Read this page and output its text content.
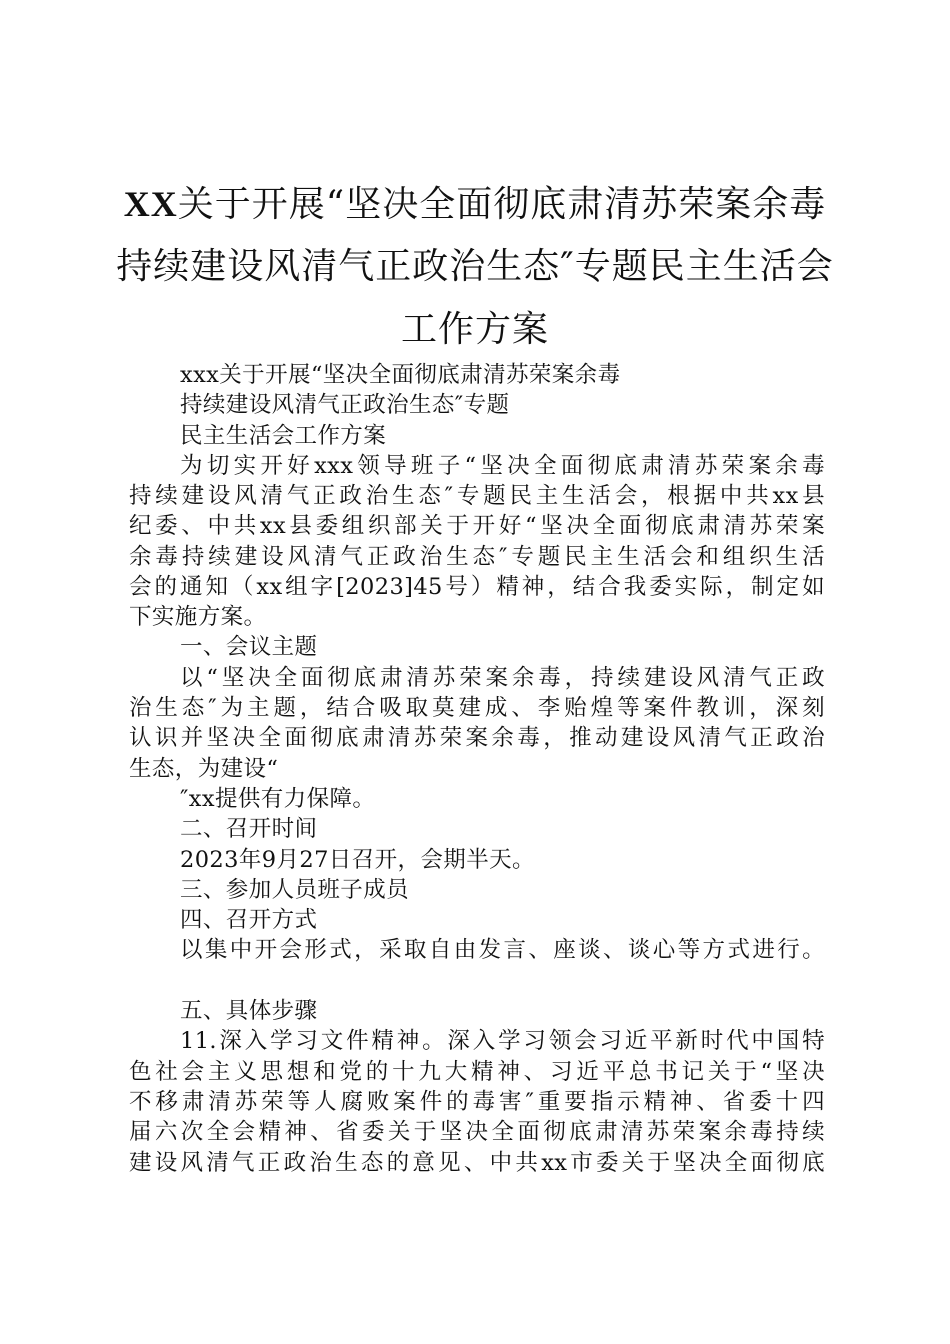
XX关于开展“坚决全面彻底肃清苏荣案余毒
持续建设风清气正政治生态″专题民主生活会
工作方案
xxx关于开展“坚决全面彻底肃清苏荣案余毒
持续建设风清气正政治生态″专题
民主生活会工作方案
为切实开好xxx领导班子“坚决全面彻底肃清苏荣案余毒
持续建设风清气正政治生态″专题民主生活会，根据中共xx县
纪委、中共xx县委组织部关于开好“坚决全面彻底肃清苏荣案
余毒持续建设风清气正政治生态″专题民主生活会和组织生活
会的通知（xx组字[2023]45号）精神，结合我委实际，制定如
下实施方案。
一、会议主题
以“坚决全面彻底肃清苏荣案余毒，持续建设风清气正政
治生态″为主题，结合吸取莫建成、李贻煌等案件教训，深刻
认识并坚决全面彻底肃清苏荣案余毒，推动建设风清气正政治
生态，为建设“
″xx提供有力保障。
二、召开时间
2023年9月27日召开，会期半天。
三、参加人员班子成员
四、召开方式
以集中开会形式，采取自由发言、座谈、谈心等方式进行。
五、具体步骤
11.深入学习文件精神。深入学习领会习近平新时代中国特
色社会主义思想和党的十九大精神、习近平总书记关于“坚决
不移肃清苏荣等人腐败案件的毒害″重要指示精神、省委十四
届六次全会精神、省委关于坚决全面彻底肃清苏荣案余毒持续
建设风清气正政治生态的意见、中共xx市委关于坚决全面彻底
